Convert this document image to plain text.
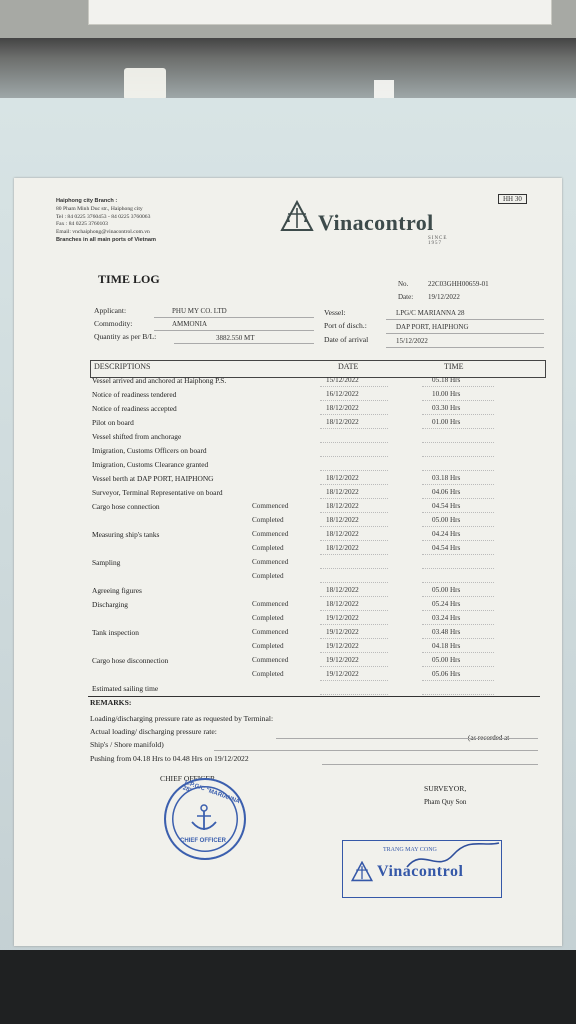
Haiphong city Branch :
80 Pham Minh Duc str., Haiphong city
Tel : 84 0225 3760453 - 84 0225 3760063
Fax : 84 0225 3760103
Email: vnchaiphong@vinacontrol.com.vn
Branches in all main ports of Vietnam
Vinacontrol
SINCE 1957
HH 30
TIME LOG	No.	22C03GHH00659-01
Date: 19/12/2022
Applicant:	PHU MY CO. LTD
Commodity:	AMMONIA
Quantity as per B/L:	3882.550 MT
Vessel:	LPG/C MARIANNA 28
Port of disch.:	DAP PORT, HAIPHONG
Date of arrival	15/12/2022
DESCRIPTIONS	DATE	TIME
Vessel arrived and anchored at Haiphong P.S.	15/12/2022	05.18 Hrs
Notice of readiness tendered	16/12/2022	10.00 Hrs
Notice of readiness accepted	18/12/2022	03.30 Hrs
Pilot on board	18/12/2022	01.00 Hrs
Vessel shifted from anchorage
Imigration, Customs Officers on board
Imigration, Customs Clearance granted
Vessel berth at DAP PORT, HAIPHONG	18/12/2022	03.18 Hrs
Surveyor, Terminal Representative on board	18/12/2022	04.06 Hrs
Cargo hose connection	Commenced	18/12/2022	04.54 Hrs
Completed	18/12/2022	05.00 Hrs
Measuring ship's tanks	Commenced	18/12/2022	04.24 Hrs
Completed	18/12/2022	04.54 Hrs
Sampling	Commenced
Completed
Agreeing figures	18/12/2022	05.00 Hrs
Discharging	Commenced	18/12/2022	05.24 Hrs
Completed	19/12/2022	03.24 Hrs
Tank inspection	Commenced	19/12/2022	03.48 Hrs
Completed	19/12/2022	04.18 Hrs
Cargo hose disconnection	Commenced	19/12/2022	05.00 Hrs
Completed	19/12/2022	05.06 Hrs
Estimated sailing time
REMARKS:
Loading/discharging pressure rate as requested by Terminal:
Actual loading/ discharging pressure rate:
(as recorded at
Ship's / Shore manifold)
Pushing from 04.18 Hrs to 04.48 Hrs on 19/12/2022
CHIEF OFFICER,
SURVEYOR,
Pham Quy Son
L.P.G/C "MARIANNA 28"
CHIEF OFFICER
TRANG MAY CONG
Vinacontrol
